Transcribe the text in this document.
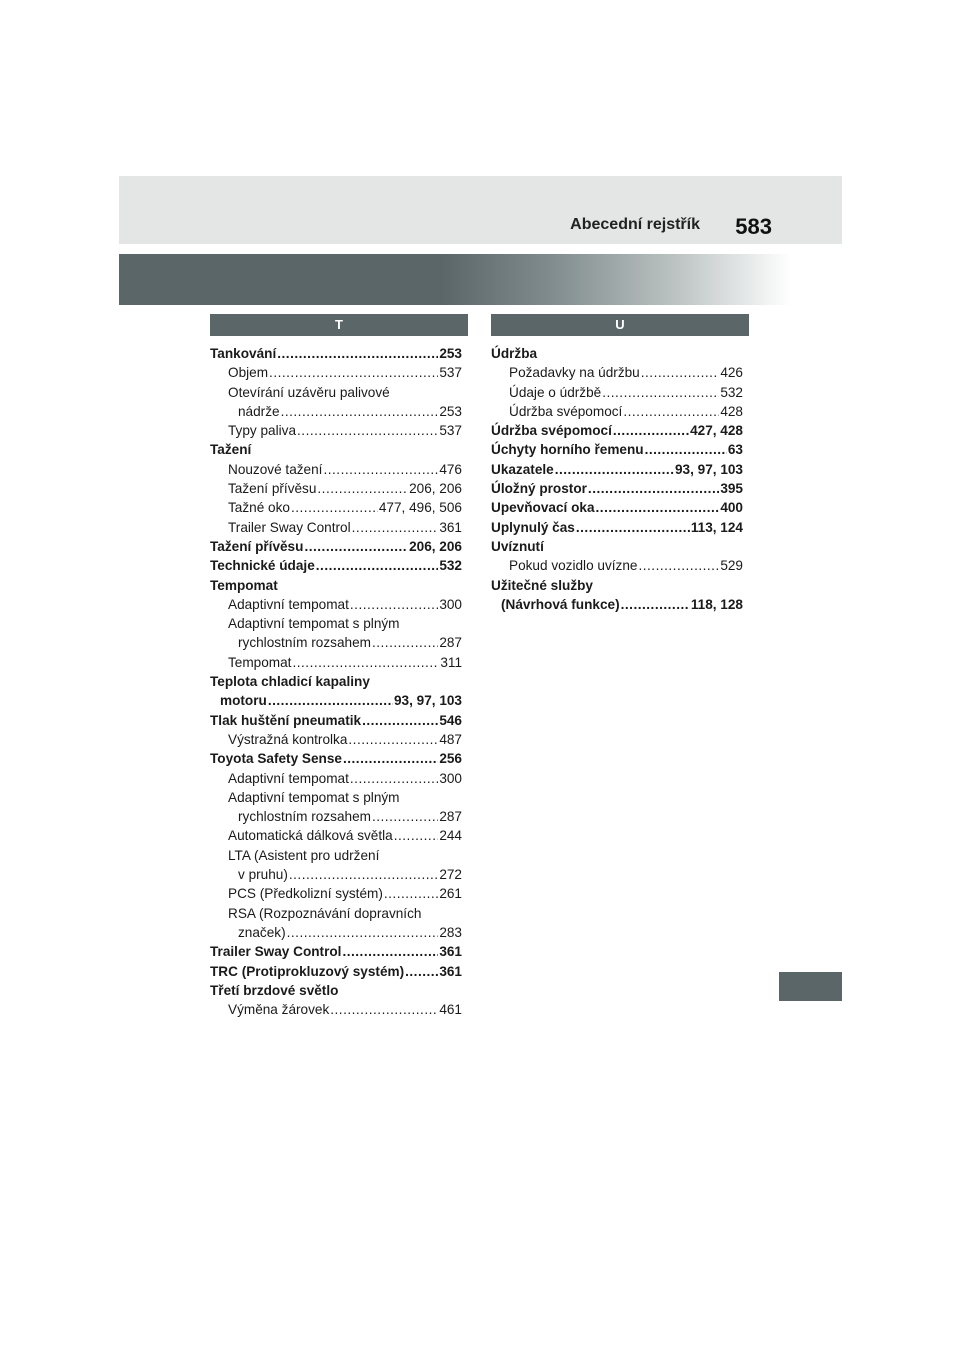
Abecední rejstřík 583
T	U
Tankování .....	253
Objem .....	537
Otevírání uzávěru palivové
nádrže .....	253
Typy paliva .....	537
Tažení
Nouzové tažení .....	476
Tažení přívěsu .....	206, 206
Tažné oko .....	477, 496, 506
Trailer Sway Control .....	361
Tažení přívěsu .....	206, 206
Technické údaje .....	532
Tempomat
Adaptivní tempomat .....	300
Adaptivní tempomat s plným
rychlostním rozsahem .....	287
Tempomat .....	311
Teplota chladicí kapaliny
motoru .....	93, 97, 103
Tlak huštění pneumatik .....	546
Výstražná kontrolka .....	487
Toyota Safety Sense .....	256
Adaptivní tempomat .....	300
Adaptivní tempomat s plným
rychlostním rozsahem .....	287
Automatická dálková světla .....	244
LTA (Asistent pro udržení
v pruhu) .....	272
PCS (Předkolizní systém) .....	261
RSA (Rozpoznávání dopravních
značek) .....	283
Trailer Sway Control .....	361
TRC (Protiprokluzový systém) .....	361
Třetí brzdové světlo
Výměna žárovek .....	461
Údržba
Požadavky na údržbu .....	426
Údaje o údržbě .....	532
Údržba svépomocí .....	428
Údržba svépomocí .....	427, 428
Úchyty horního řemenu .....	63
Ukazatele .....	93, 97, 103
Úložný prostor .....	395
Upevňovací oka .....	400
Uplynulý čas .....	113, 124
Uvíznutí
Pokud vozidlo uvízne .....	529
Užitečné služby
(Návrhová funkce) .....	118, 128
